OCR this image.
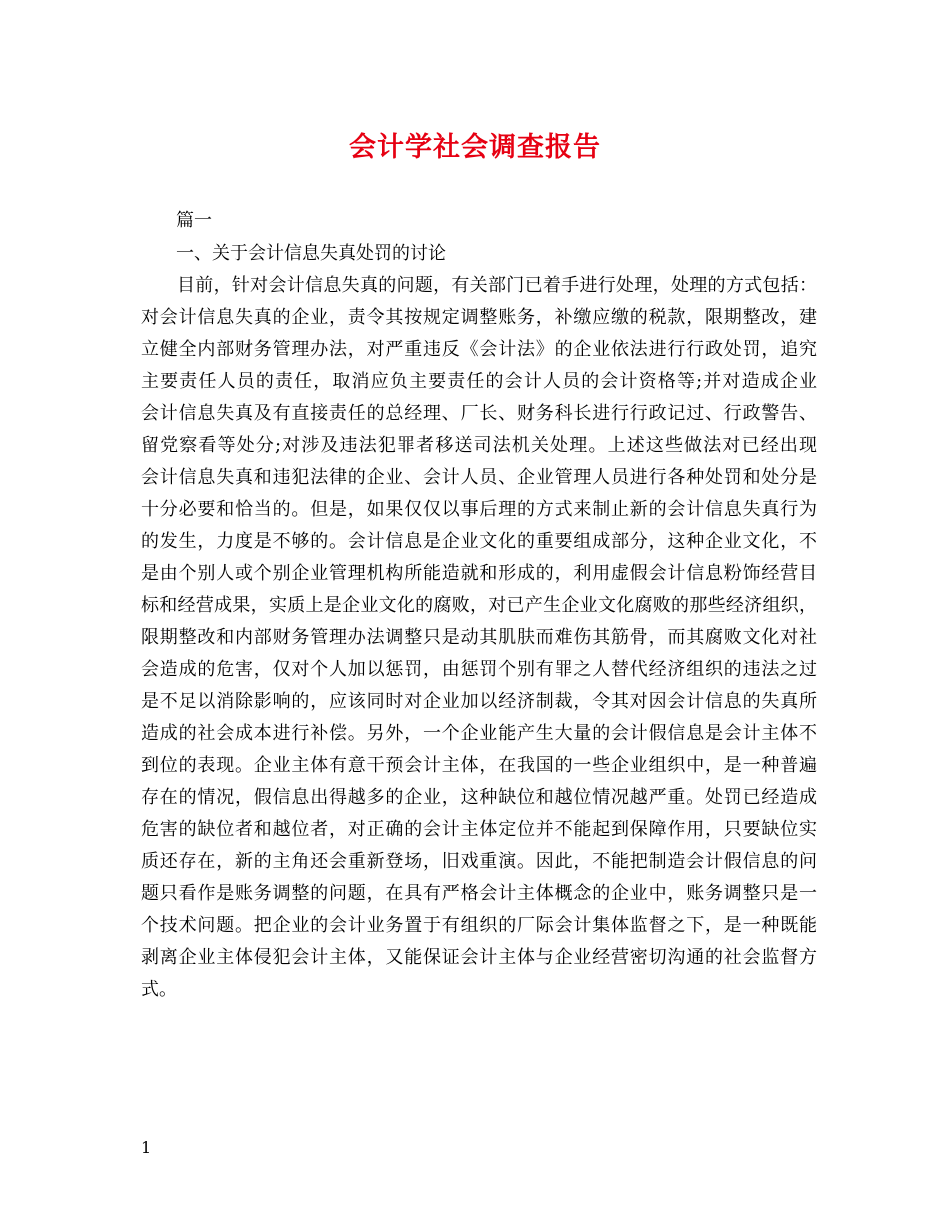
会计学社会调查报告
篇一
一、关于会计信息失真处罚的讨论
目前，针对会计信息失真的问题，有关部门已着手进行处理，处理的方式包括：
对会计信息失真的企业，责令其按规定调整账务，补缴应缴的税款，限期整改，建
立健全内部财务管理办法，对严重违反《会计法》的企业依法进行行政处罚，追究
主要责任人员的责任，取消应负主要责任的会计人员的会计资格等;并对造成企业
会计信息失真及有直接责任的总经理、厂长、财务科长进行行政记过、行政警告、
留党察看等处分;对涉及违法犯罪者移送司法机关处理。上述这些做法对已经出现
会计信息失真和违犯法律的企业、会计人员、企业管理人员进行各种处罚和处分是
十分必要和恰当的。但是，如果仅仅以事后理的方式来制止新的会计信息失真行为
的发生，力度是不够的。会计信息是企业文化的重要组成部分，这种企业文化，不
是由个别人或个别企业管理机构所能造就和形成的，利用虚假会计信息粉饰经营目
标和经营成果，实质上是企业文化的腐败，对已产生企业文化腐败的那些经济组织，
限期整改和内部财务管理办法调整只是动其肌肤而难伤其筋骨，而其腐败文化对社
会造成的危害，仅对个人加以惩罚，由惩罚个别有罪之人替代经济组织的违法之过
是不足以消除影响的，应该同时对企业加以经济制裁，令其对因会计信息的失真所
造成的社会成本进行补偿。另外，一个企业能产生大量的会计假信息是会计主体不
到位的表现。企业主体有意干预会计主体，在我国的一些企业组织中，是一种普遍
存在的情况，假信息出得越多的企业，这种缺位和越位情况越严重。处罚已经造成
危害的缺位者和越位者，对正确的会计主体定位并不能起到保障作用，只要缺位实
质还存在，新的主角还会重新登场，旧戏重演。因此，不能把制造会计假信息的问
题只看作是账务调整的问题，在具有严格会计主体概念的企业中，账务调整只是一
个技术问题。把企业的会计业务置于有组织的厂际会计集体监督之下，是一种既能
剥离企业主体侵犯会计主体，又能保证会计主体与企业经营密切沟通的社会监督方
式。
1
